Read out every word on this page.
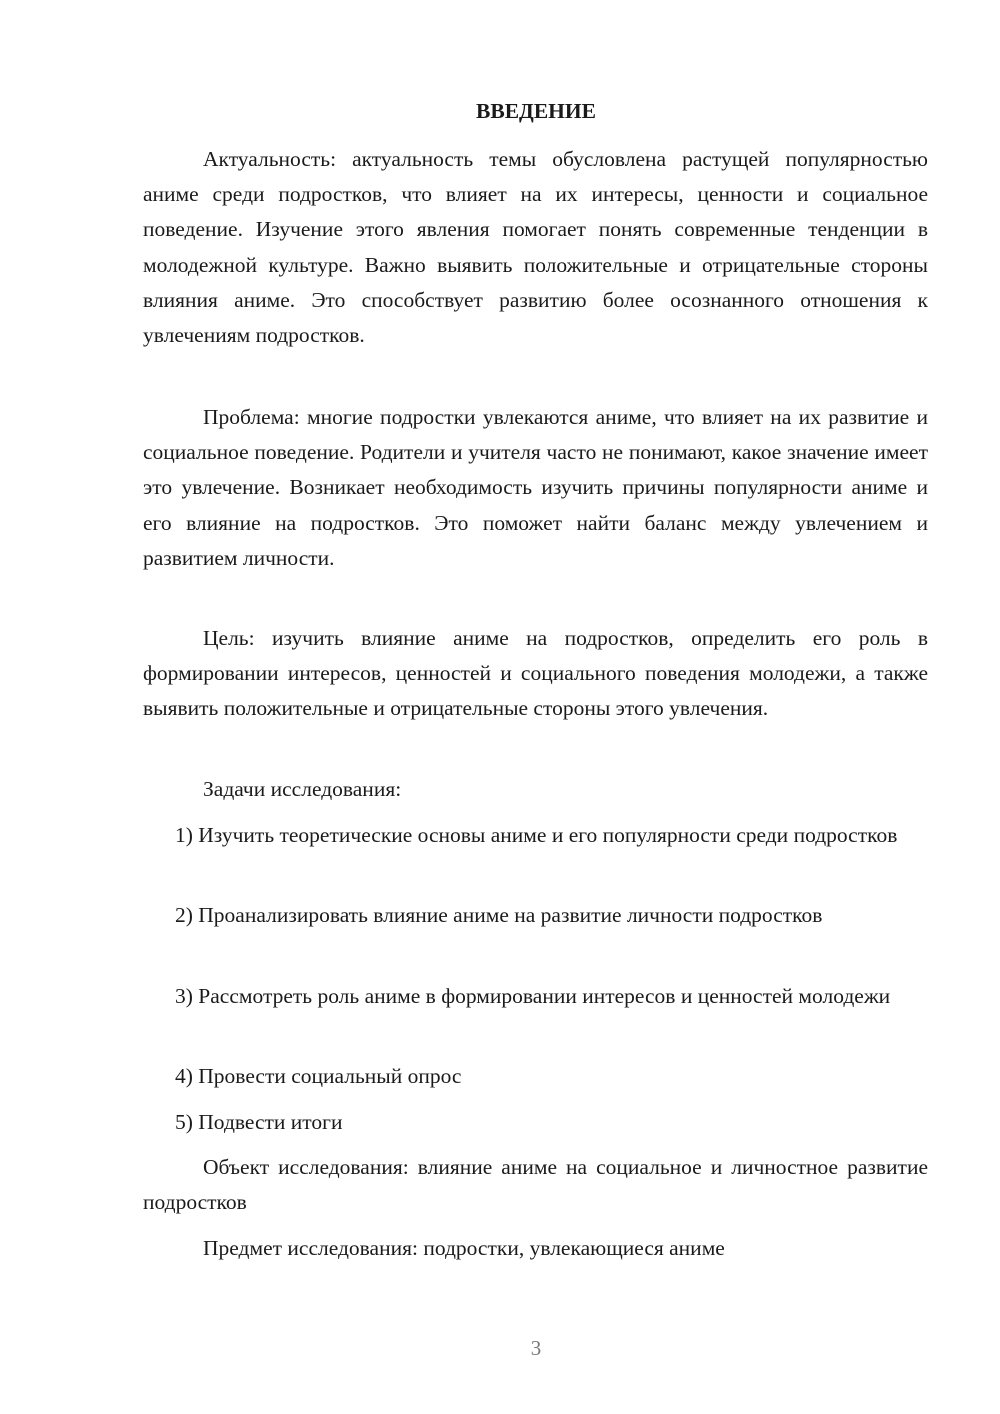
ВВЕДЕНИЕ

Актуальность: актуальность темы обусловлена растущей популярностью аниме среди подростков, что влияет на их интересы, ценности и социальное поведение. Изучение этого явления помогает понять современные тенденции в молодежной культуре. Важно выявить положительные и отрицательные стороны влияния аниме. Это способствует развитию более осознанного отношения к увлечениям подростков.

Проблема: многие подростки увлекаются аниме, что влияет на их развитие и социальное поведение. Родители и учителя часто не понимают, какое значение имеет это увлечение. Возникает необходимость изучить причины популярности аниме и его влияние на подростков. Это поможет найти баланс между увлечением и развитием личности.

Цель: изучить влияние аниме на подростков, определить его роль в формировании интересов, ценностей и социального поведения молодежи, а также выявить положительные и отрицательные стороны этого увлечения.

Задачи исследования:

1) Изучить теоретические основы аниме и его популярности среди подростков

2) Проанализировать влияние аниме на развитие личности подростков

3) Рассмотреть роль аниме в формировании интересов и ценностей молодежи

4) Провести социальный опрос

5) Подвести итоги

Объект исследования: влияние аниме на социальное и личностное развитие подростков

Предмет исследования: подростки, увлекающиеся аниме

3
